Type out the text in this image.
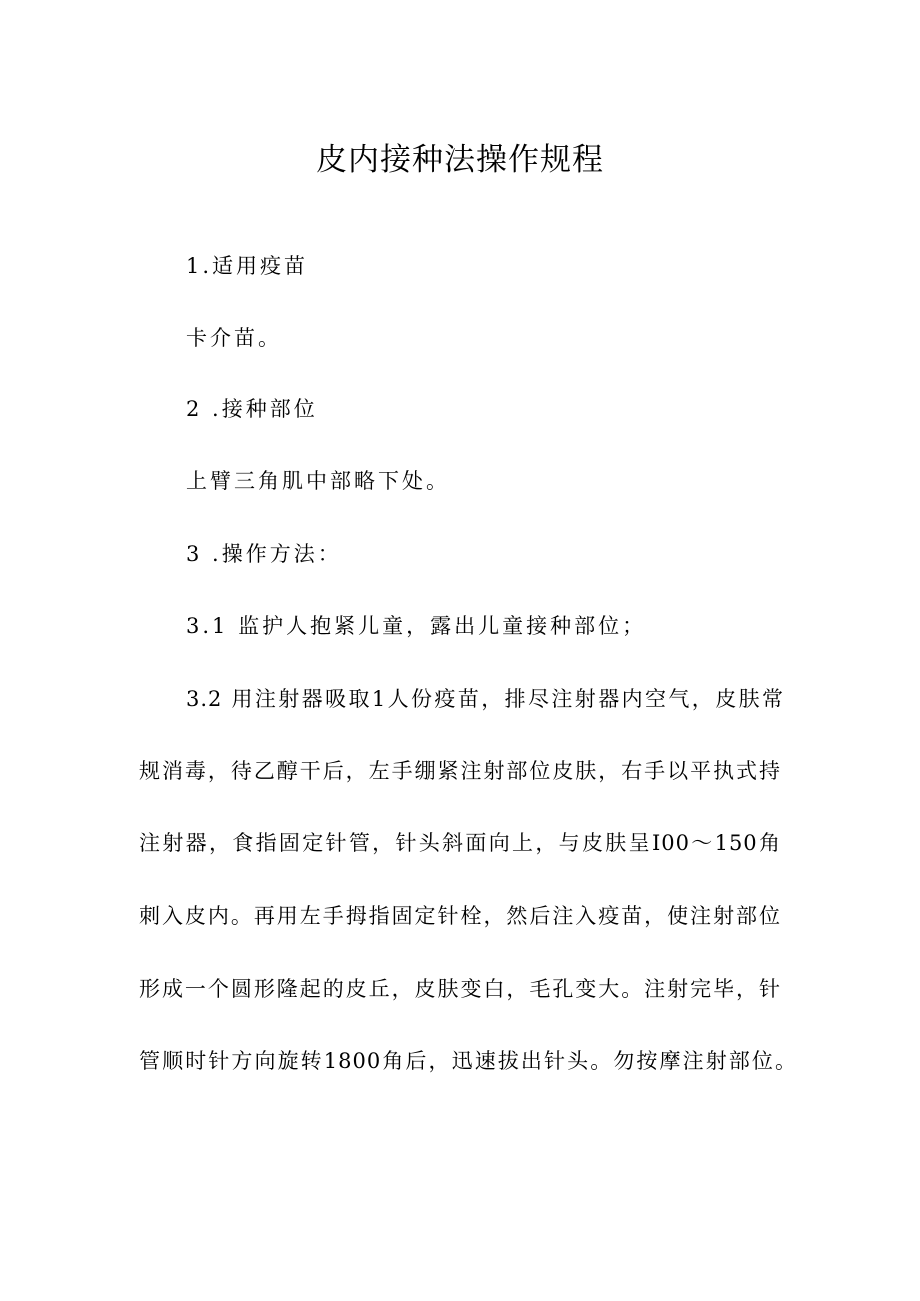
皮内接种法操作规程
1.适用疫苗
卡介苗。
2 .接种部位
上臂三角肌中部略下处。
3 .操作方法：
3.1 监护人抱紧儿童，露出儿童接种部位；
3.2 用注射器吸取1人份疫苗，排尽注射器内空气，皮肤常
规消毒，待乙醇干后，左手绷紧注射部位皮肤，右手以平执式持
注射器，食指固定针管，针头斜面向上，与皮肤呈I00～150角
刺入皮内。再用左手拇指固定针栓，然后注入疫苗，使注射部位
形成一个圆形隆起的皮丘，皮肤变白，毛孔变大。注射完毕，针
管顺时针方向旋转1800角后，迅速拔出针头。勿按摩注射部位。
